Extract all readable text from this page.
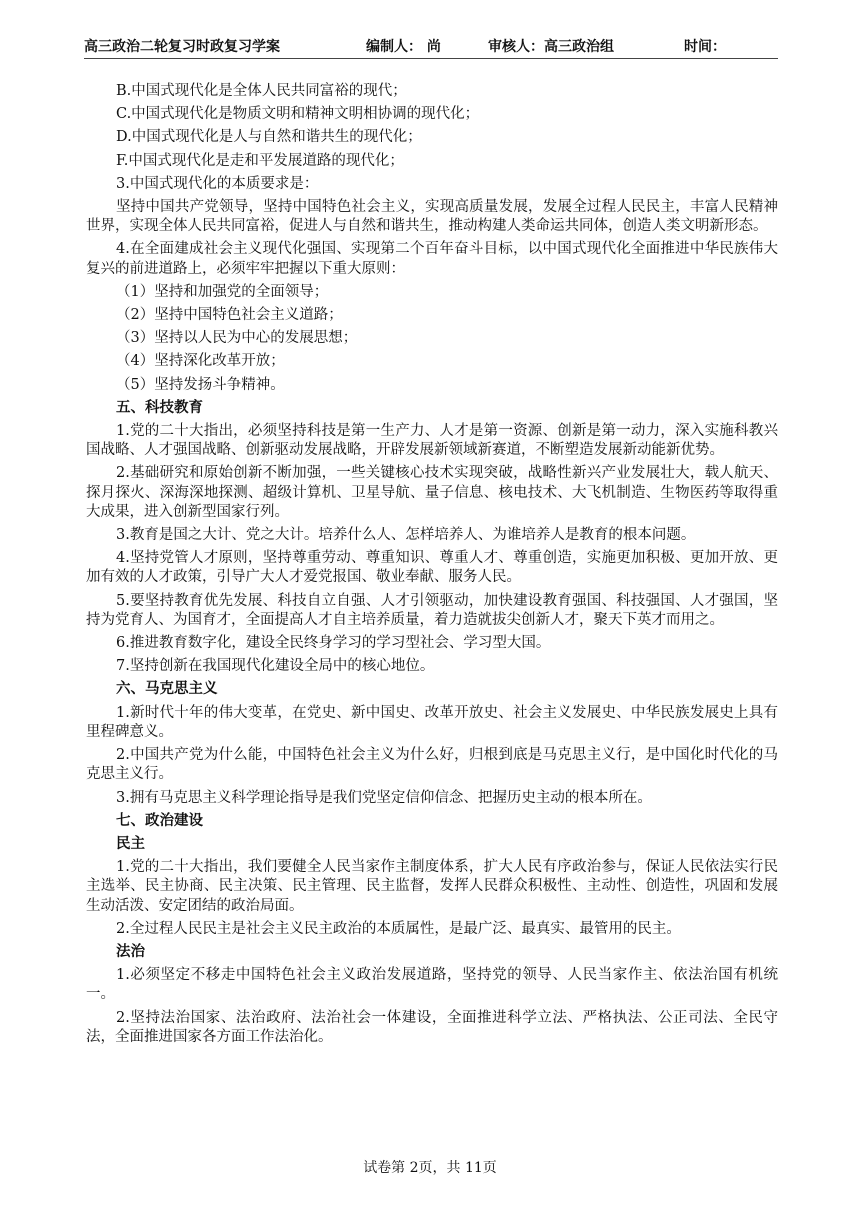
高三政治二轮复习时政复习学案	编制人： 尚	审核人：高三政治组	时间：

B.中国式现代化是全体人民共同富裕的现代；

C.中国式现代化是物质文明和精神文明相协调的现代化；

D.中国式现代化是人与自然和谐共生的现代化；

F.中国式现代化是走和平发展道路的现代化；

3.中国式现代化的本质要求是：

坚持中国共产党领导，坚持中国特色社会主义，实现高质量发展，发展全过程人民民主，丰富人民精神世界，实现全体人民共同富裕，促进人与自然和谐共生，推动构建人类命运共同体，创造人类文明新形态。

4.在全面建成社会主义现代化强国、实现第二个百年奋斗目标，以中国式现代化全面推进中华民族伟大复兴的前进道路上，必须牢牢把握以下重大原则：

（1）坚持和加强党的全面领导；

（2）坚持中国特色社会主义道路；

（3）坚持以人民为中心的发展思想；

（4）坚持深化改革开放；

（5）坚持发扬斗争精神。

五、科技教育

1.党的二十大指出，必须坚持科技是第一生产力、人才是第一资源、创新是第一动力，深入实施科教兴国战略、人才强国战略、创新驱动发展战略，开辟发展新领域新赛道，不断塑造发展新动能新优势。

2.基础研究和原始创新不断加强，一些关键核心技术实现突破，战略性新兴产业发展壮大，载人航天、探月探火、深海深地探测、超级计算机、卫星导航、量子信息、核电技术、大飞机制造、生物医药等取得重大成果，进入创新型国家行列。

3.教育是国之大计、党之大计。培养什么人、怎样培养人、为谁培养人是教育的根本问题。

4.坚持党管人才原则，坚持尊重劳动、尊重知识、尊重人才、尊重创造，实施更加积极、更加开放、更加有效的人才政策，引导广大人才爱党报国、敬业奉献、服务人民。

5.要坚持教育优先发展、科技自立自强、人才引领驱动，加快建设教育强国、科技强国、人才强国，坚持为党育人、为国育才，全面提高人才自主培养质量，着力造就拔尖创新人才，聚天下英才而用之。

6.推进教育数字化，建设全民终身学习的学习型社会、学习型大国。

7.坚持创新在我国现代化建设全局中的核心地位。

六、马克思主义

1.新时代十年的伟大变革，在党史、新中国史、改革开放史、社会主义发展史、中华民族发展史上具有里程碑意义。

2.中国共产党为什么能，中国特色社会主义为什么好，归根到底是马克思主义行，是中国化时代化的马克思主义行。

3.拥有马克思主义科学理论指导是我们党坚定信仰信念、把握历史主动的根本所在。

七、政治建设

民主

1.党的二十大指出，我们要健全人民当家作主制度体系，扩大人民有序政治参与，保证人民依法实行民主选举、民主协商、民主决策、民主管理、民主监督，发挥人民群众积极性、主动性、创造性，巩固和发展生动活泼、安定团结的政治局面。

2.全过程人民民主是社会主义民主政治的本质属性，是最广泛、最真实、最管用的民主。

法治

1.必须坚定不移走中国特色社会主义政治发展道路，坚持党的领导、人民当家作主、依法治国有机统一。

2.坚持法治国家、法治政府、法治社会一体建设，全面推进科学立法、严格执法、公正司法、全民守法，全面推进国家各方面工作法治化。

试卷第 2页，共 11页
